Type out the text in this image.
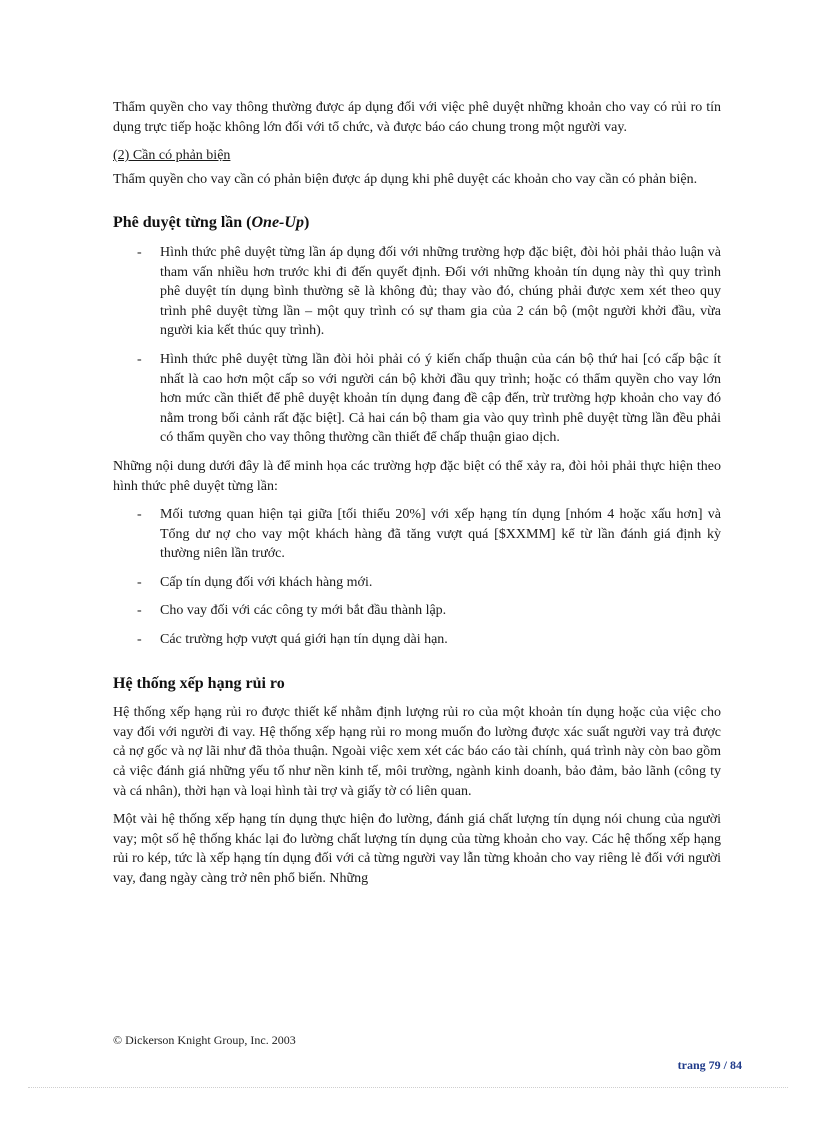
Thẩm quyền cho vay thông thường được áp dụng đối với việc phê duyệt những khoản cho vay có rủi ro tín dụng trực tiếp hoặc không lớn đối với tổ chức, và được báo cáo chung trong một người vay.

(2) Cần có phản biện

Thẩm quyền cho vay cần có phản biện được áp dụng khi phê duyệt các khoản cho vay cần có phản biện.

Phê duyệt từng lần (One-Up)
- Hình thức phê duyệt từng lần áp dụng đối với những trường hợp đặc biệt, đòi hỏi phải thảo luận và tham vấn nhiều hơn trước khi đi đến quyết định. Đối với những khoản tín dụng này thì quy trình phê duyệt tín dụng bình thường sẽ là không đủ; thay vào đó, chúng phải được xem xét theo quy trình phê duyệt từng lần – một quy trình có sự tham gia của 2 cán bộ (một người khởi đầu, vừa người kia kết thúc quy trình).
- Hình thức phê duyệt từng lần đòi hỏi phải có ý kiến chấp thuận của cán bộ thứ hai [có cấp bậc ít nhất là cao hơn một cấp so với người cán bộ khởi đầu quy trình; hoặc có thẩm quyền cho vay lớn hơn mức cần thiết để phê duyệt khoản tín dụng đang đề cập đến, trừ trường hợp khoản cho vay đó nằm trong bối cảnh rất đặc biệt]. Cả hai cán bộ tham gia vào quy trình phê duyệt từng lần đều phải có thẩm quyền cho vay thông thường cần thiết để chấp thuận giao dịch.

Những nội dung dưới đây là để minh họa các trường hợp đặc biệt có thể xảy ra, đòi hỏi phải thực hiện theo hình thức phê duyệt từng lần:

- Mối tương quan hiện tại giữa [tối thiểu 20%] với xếp hạng tín dụng [nhóm 4 hoặc xấu hơn] và Tổng dư nợ cho vay một khách hàng đã tăng vượt quá [$XXMM] kể từ lần đánh giá định kỳ thường niên lần trước.
- Cấp tín dụng đối với khách hàng mới.
- Cho vay đối với các công ty mới bắt đầu thành lập.
- Các trường hợp vượt quá giới hạn tín dụng dài hạn.
Hệ thống xếp hạng rủi ro

Hệ thống xếp hạng rủi ro được thiết kế nhằm định lượng rủi ro của một khoản tín dụng hoặc của việc cho vay đối với người đi vay. Hệ thống xếp hạng rủi ro mong muốn đo lường được xác suất người vay trả được cả nợ gốc và nợ lãi như đã thỏa thuận. Ngoài việc xem xét các báo cáo tài chính, quá trình này còn bao gồm cả việc đánh giá những yếu tố như nền kinh tế, môi trường, ngành kinh doanh, bảo đảm, bảo lãnh (công ty và cá nhân), thời hạn và loại hình tài trợ và giấy tờ có liên quan.

Một vài hệ thống xếp hạng tín dụng thực hiện đo lường, đánh giá chất lượng tín dụng nói chung của người vay; một số hệ thống khác lại đo lường chất lượng tín dụng của từng khoản cho vay. Các hệ thống xếp hạng rủi ro kép, tức là xếp hạng tín dụng đối với cả từng người vay lẫn từng khoản cho vay riêng lẻ đối với người vay, đang ngày càng trở nên phổ biến. Những

© Dickerson Knight Group, Inc. 2003
trang 79 / 84
